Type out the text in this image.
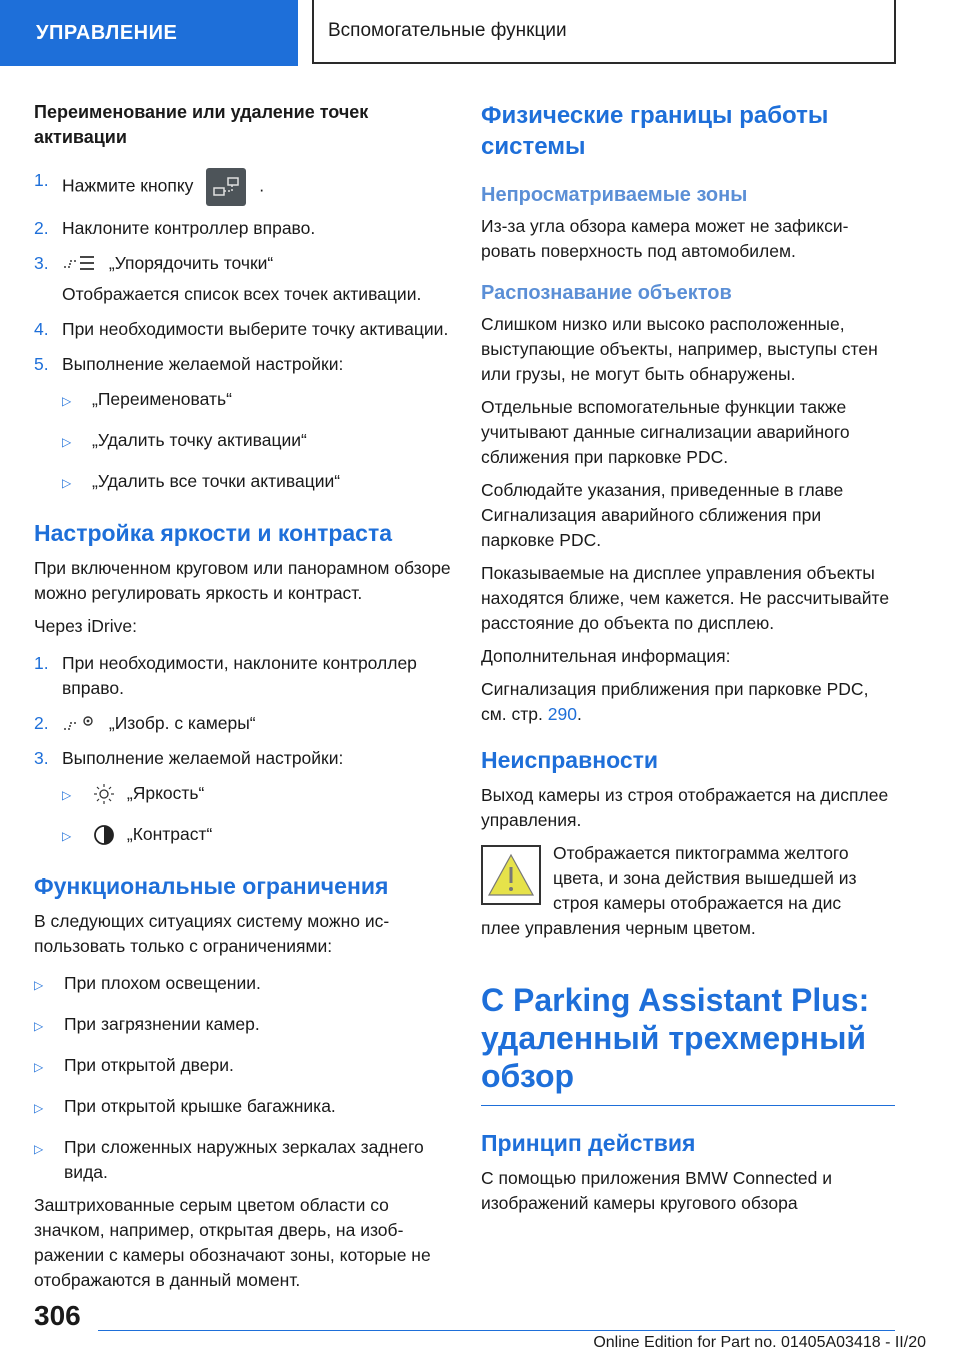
УПРАВЛЕНИЕ	Вспомогательные функции
Переименование или удаление точек активации
1. Нажмите кнопку	.
2. Наклоните контроллер вправо.
3.	„Упорядочить точки“
Отображается список всех точек активации.
4. При необходимости выберите точку активации.
5. Выполнение желаемой настройки:
▷	„Переименовать“
▷	„Удалить точку активации“
▷	„Удалить все точки активации“
Настройка яркости и контраста

При включенном круговом или панорамном обзоре можно регулировать яркость и контраст.

Через iDrive:

1. При необходимости, наклоните контроллер вправо.
2.	„Изобр. с камеры“
3. Выполнение желаемой настройки:
▷	„Яркость“
▷	„Контраст“
Функциональные ограничения

В следующих ситуациях систему можно использовать только с ограничениями:

▷	При плохом освещении.
▷	При загрязнении камер.
▷	При открытой двери.
▷	При открытой крышке багажника.
▷	При сложенных наружных зеркалах заднего вида.

Заштрихованные серым цветом области со значком, например, открытая дверь, на изображении с камеры обозначают зоны, которые не отображаются в данный момент.

Физические границы работы системы
Непросматриваемые зоны

Из-за угла обзора камера может не зафиксировать поверхность под автомобилем.

Распознавание объектов

Слишком низко или высоко расположенные, выступающие объекты, например, выступы стен или грузы, не могут быть обнаружены.

Отдельные вспомогательные функции также учитывают данные сигнализации аварийного сближения при парковке PDC.

Соблюдайте указания, приведенные в главе Сигнализация аварийного сближения при парковке PDC.

Показываемые на дисплее управления объекты находятся ближе, чем кажется. Не рассчитывайте расстояние до объекта по дисплею.

Дополнительная информация:

Сигнализация приближения при парковке PDC, см. стр. 290.

Неисправности

Выход камеры из строя отображается на дисплее управления.

Отображается пиктограмма желтого цвета, и зона действия вышедшей из строя камеры отображается на дис

плее управления черным цветом.

C Parking Assistant Plus: удаленный трехмерный обзор
Принцип действия

С помощью приложения BMW Connected и изображений камеры кругового обзора

306
Online Edition for Part no. 01405A03418 - II/20
